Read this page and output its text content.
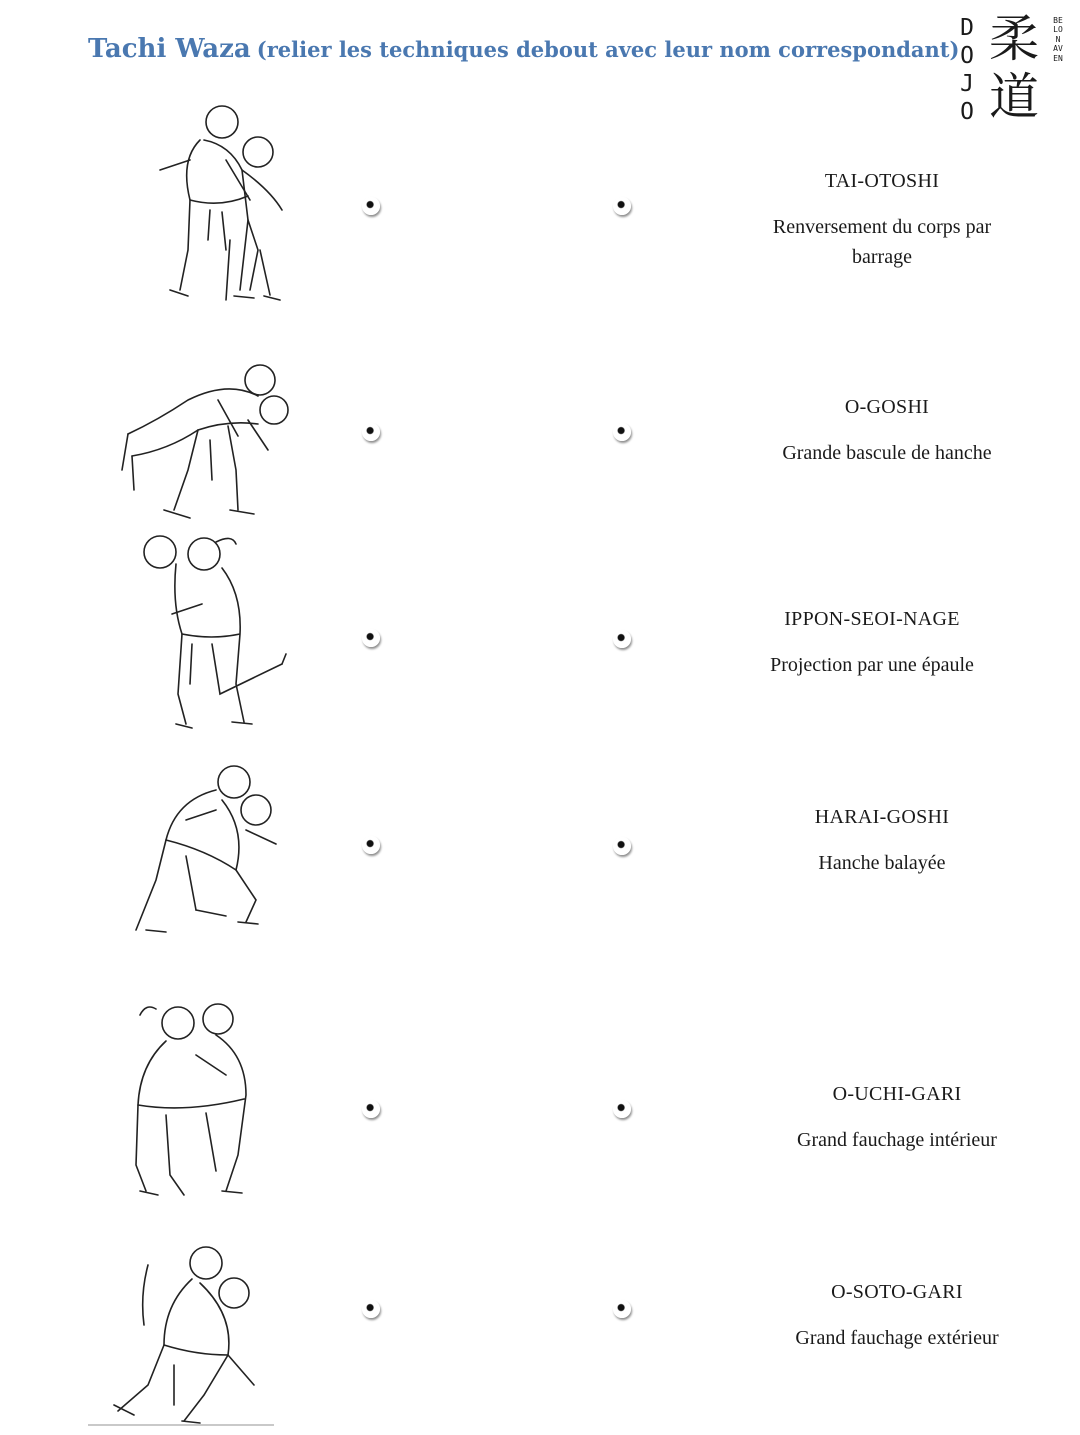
Tachi Waza (relier les techniques debout avec leur nom correspondant)
DOJO
柔道
BELON AVEN
TAI-OTOSHI
Renversement du corps par barrage
O-GOSHI
Grande bascule de hanche
IPPON-SEOI-NAGE
Projection par une épaule
HARAI-GOSHI
Hanche balayée
O-UCHI-GARI
Grand fauchage intérieur
O-SOTO-GARI
Grand fauchage extérieur
